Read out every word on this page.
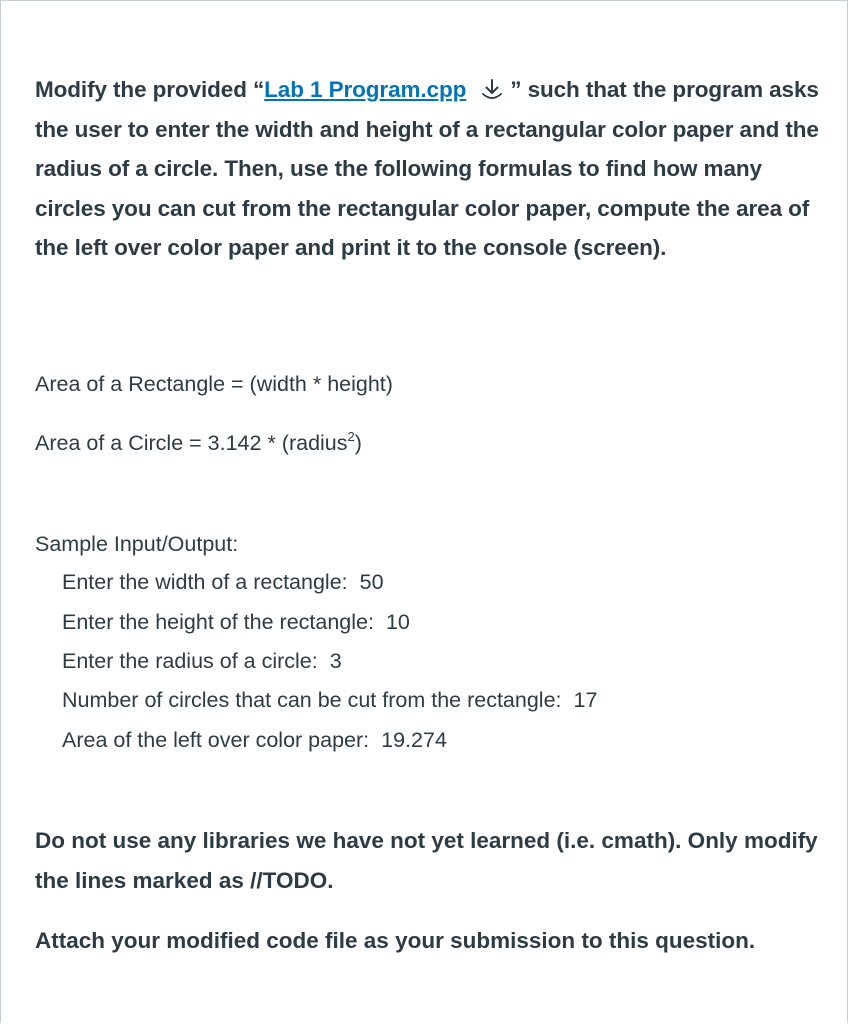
Modify the provided “Lab 1 Program.cpp ” such that the program asks the user to enter the width and height of a rectangular color paper and the radius of a circle. Then, use the following formulas to find how many circles you can cut from the rectangular color paper, compute the area of the left over color paper and print it to the console (screen).

Area of a Rectangle = (width * height)

Area of a Circle = 3.142 * (radius$^2$)

Sample Input/Output:

Enter the width of a rectangle: 50

Enter the height of the rectangle: 10

Enter the radius of a circle: 3

Number of circles that can be cut from the rectangle: 17

Area of the left over color paper: 19.274

Do not use any libraries we have not yet learned (i.e. cmath). Only modify the lines marked as //TODO.

Attach your modified code file as your submission to this question.
